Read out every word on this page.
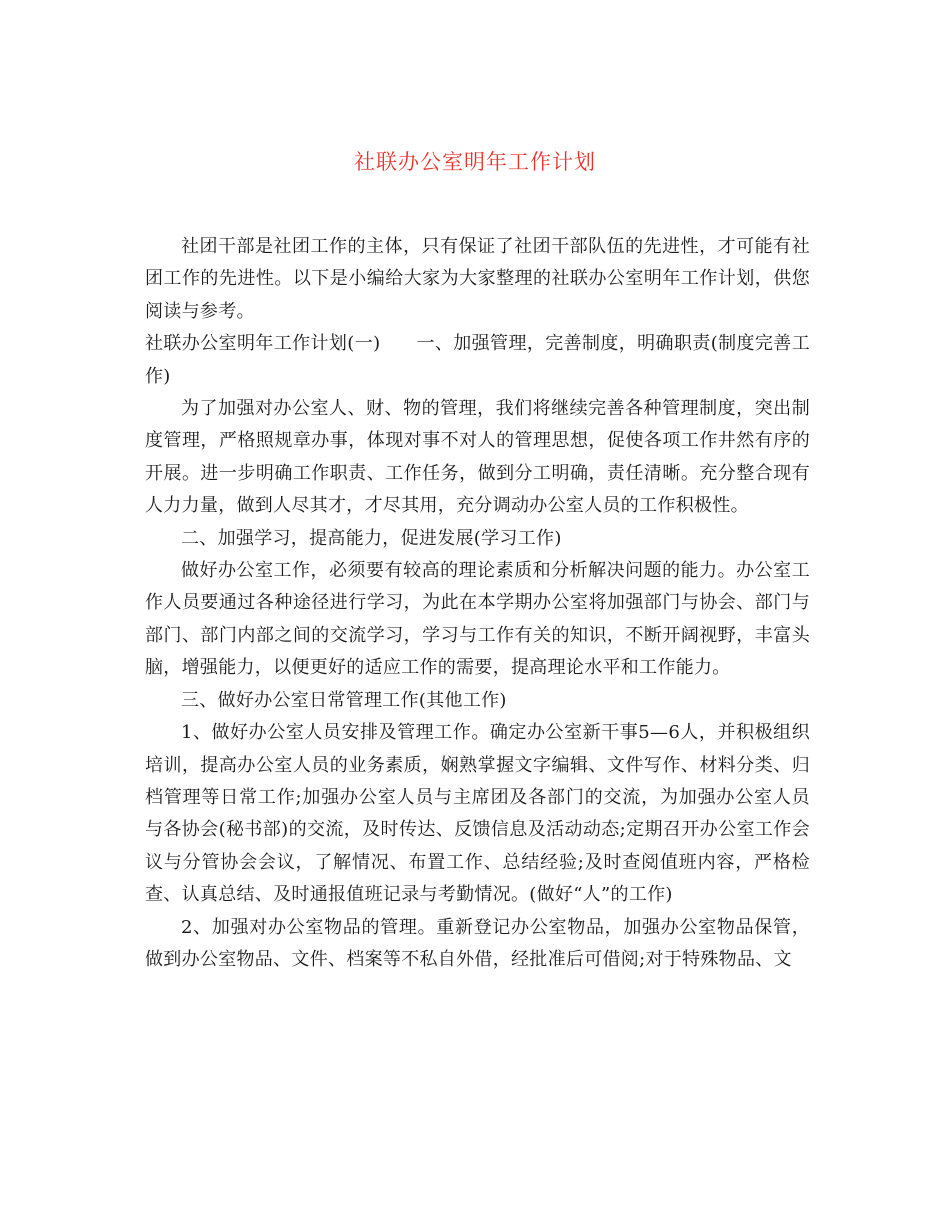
社联办公室明年工作计划

社团干部是社团工作的主体，只有保证了社团干部队伍的先进性，才可能有社团工作的先进性。以下是小编给大家为大家整理的社联办公室明年工作计划，供您阅读与参考。

社联办公室明年工作计划(一) 一、加强管理，完善制度，明确职责(制度完善工作)

为了加强对办公室人、财、物的管理，我们将继续完善各种管理制度，突出制度管理，严格照规章办事，体现对事不对人的管理思想，促使各项工作井然有序的开展。进一步明确工作职责、工作任务，做到分工明确，责任清晰。充分整合现有人力力量，做到人尽其才，才尽其用，充分调动办公室人员的工作积极性。

二、加强学习，提高能力，促进发展(学习工作)

做好办公室工作，必须要有较高的理论素质和分析解决问题的能力。办公室工作人员要通过各种途径进行学习，为此在本学期办公室将加强部门与协会、部门与部门、部门内部之间的交流学习，学习与工作有关的知识，不断开阔视野，丰富头脑，增强能力，以便更好的适应工作的需要，提高理论水平和工作能力。

三、做好办公室日常管理工作(其他工作)

1、做好办公室人员安排及管理工作。确定办公室新干事5—6人，并积极组织培训，提高办公室人员的业务素质，娴熟掌握文字编辑、文件写作、材料分类、归档管理等日常工作;加强办公室人员与主席团及各部门的交流，为加强办公室人员与各协会(秘书部)的交流，及时传达、反馈信息及活动动态;定期召开办公室工作会议与分管协会会议，了解情况、布置工作、总结经验;及时查阅值班内容，严格检查、认真总结、及时通报值班记录与考勤情况。(做好“人”的工作)

2、加强对办公室物品的管理。重新登记办公室物品，加强办公室物品保管，做到办公室物品、文件、档案等不私自外借，经批准后可借阅;对于特殊物品、文
